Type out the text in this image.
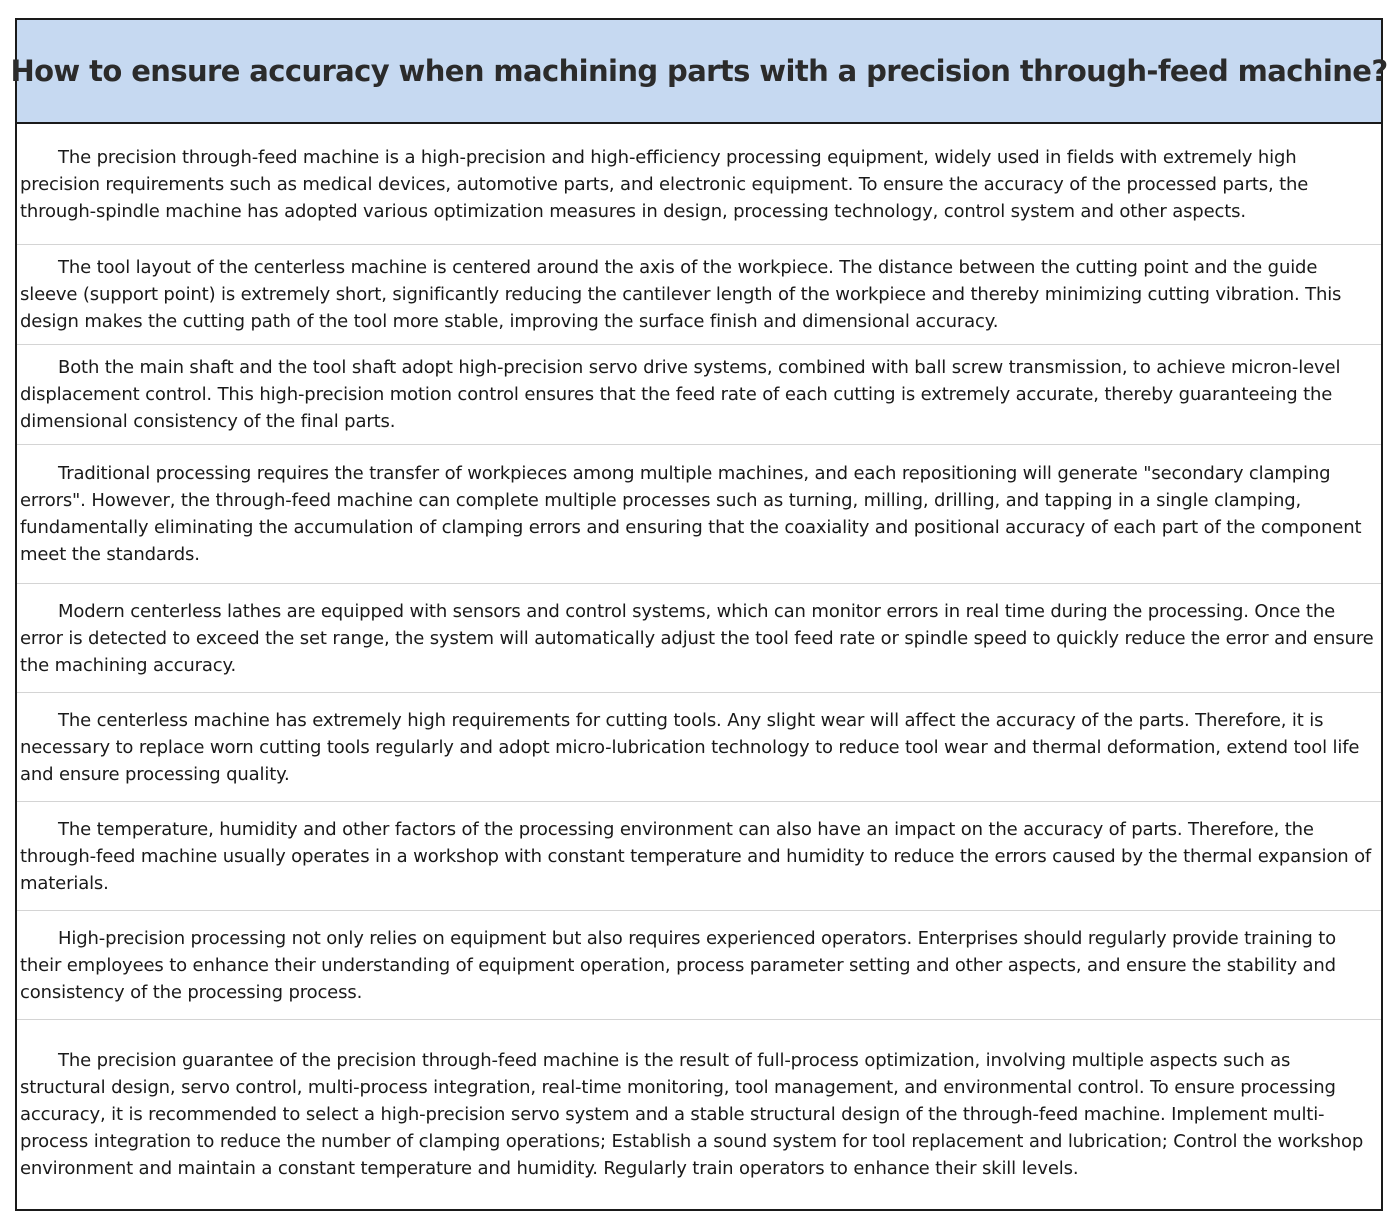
How to ensure accuracy when machining parts with a precision through-feed machine?

The precision through-feed machine is a high-precision and high-efficiency processing equipment, widely used in fields with extremely high precision requirements such as medical devices, automotive parts, and electronic equipment. To ensure the accuracy of the processed parts, the through-spindle machine has adopted various optimization measures in design, processing technology, control system and other aspects.

The tool layout of the centerless machine is centered around the axis of the workpiece. The distance between the cutting point and the guide sleeve (support point) is extremely short, significantly reducing the cantilever length of the workpiece and thereby minimizing cutting vibration. This design makes the cutting path of the tool more stable, improving the surface finish and dimensional accuracy.

Both the main shaft and the tool shaft adopt high-precision servo drive systems, combined with ball screw transmission, to achieve micron-level displacement control. This high-precision motion control ensures that the feed rate of each cutting is extremely accurate, thereby guaranteeing the dimensional consistency of the final parts.

Traditional processing requires the transfer of workpieces among multiple machines, and each repositioning will generate "secondary clamping errors". However, the through-feed machine can complete multiple processes such as turning, milling, drilling, and tapping in a single clamping, fundamentally eliminating the accumulation of clamping errors and ensuring that the coaxiality and positional accuracy of each part of the component meet the standards.

Modern centerless lathes are equipped with sensors and control systems, which can monitor errors in real time during the processing. Once the error is detected to exceed the set range, the system will automatically adjust the tool feed rate or spindle speed to quickly reduce the error and ensure the machining accuracy.

The centerless machine has extremely high requirements for cutting tools. Any slight wear will affect the accuracy of the parts. Therefore, it is necessary to replace worn cutting tools regularly and adopt micro-lubrication technology to reduce tool wear and thermal deformation, extend tool life and ensure processing quality.

The temperature, humidity and other factors of the processing environment can also have an impact on the accuracy of parts. Therefore, the through-feed machine usually operates in a workshop with constant temperature and humidity to reduce the errors caused by the thermal expansion of materials.

High-precision processing not only relies on equipment but also requires experienced operators. Enterprises should regularly provide training to their employees to enhance their understanding of equipment operation, process parameter setting and other aspects, and ensure the stability and consistency of the processing process.

The precision guarantee of the precision through-feed machine is the result of full-process optimization, involving multiple aspects such as structural design, servo control, multi-process integration, real-time monitoring, tool management, and environmental control. To ensure processing accuracy, it is recommended to select a high-precision servo system and a stable structural design of the through-feed machine. Implement multi-process integration to reduce the number of clamping operations; Establish a sound system for tool replacement and lubrication; Control the workshop environment and maintain a constant temperature and humidity. Regularly train operators to enhance their skill levels.
